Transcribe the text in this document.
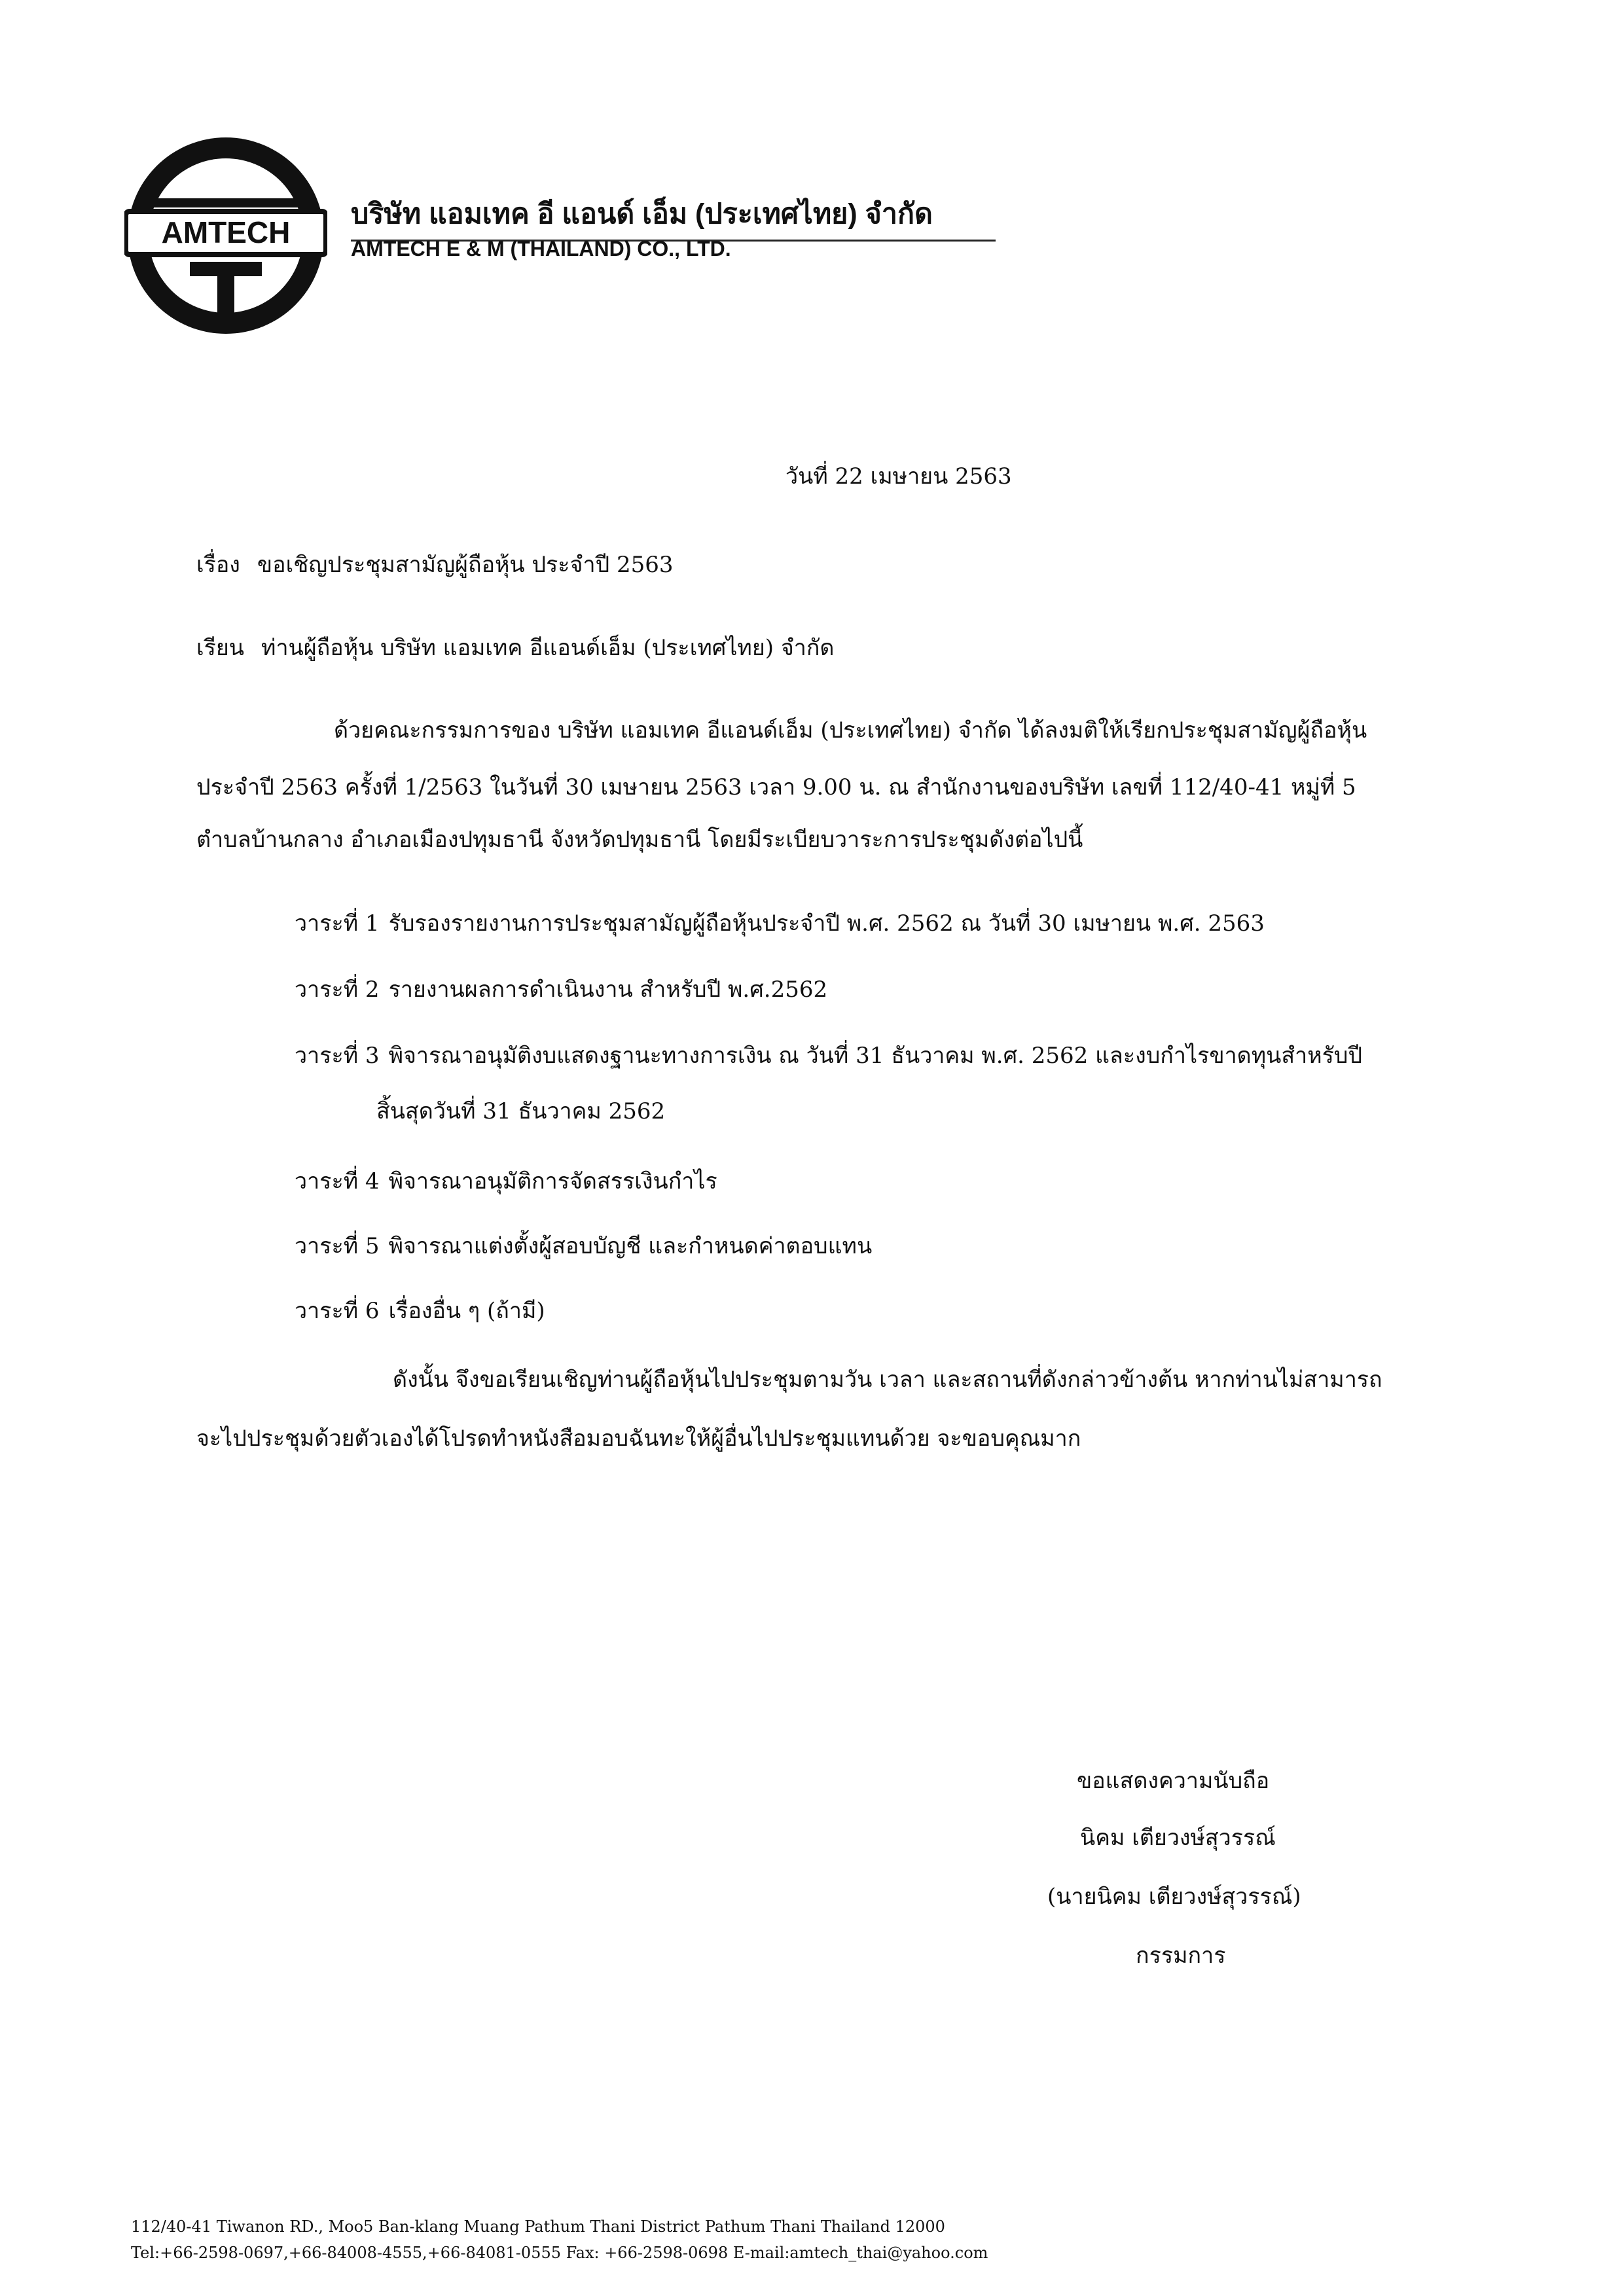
AMTECH
บริษัท แอมเทค อี แอนด์ เอ็ม (ประเทศไทย) จำกัด
AMTECH E & M (THAILAND) CO., LTD.
วันที่ 22 เมษายน 2563
เรื่อง ขอเชิญประชุมสามัญผู้ถือหุ้น ประจำปี 2563
เรียน ท่านผู้ถือหุ้น บริษัท แอมเทค อีแอนด์เอ็ม (ประเทศไทย) จำกัด
ด้วยคณะกรรมการของ บริษัท แอมเทค อีแอนด์เอ็ม (ประเทศไทย) จำกัด ได้ลงมติให้เรียกประชุมสามัญผู้ถือหุ้น
ประจำปี 2563 ครั้งที่ 1/2563 ในวันที่ 30 เมษายน 2563 เวลา 9.00 น. ณ สำนักงานของบริษัท เลขที่ 112/40-41 หมู่ที่ 5
ตำบลบ้านกลาง อำเภอเมืองปทุมธานี จังหวัดปทุมธานี โดยมีระเบียบวาระการประชุมดังต่อไปนี้
วาระที่ 1 รับรองรายงานการประชุมสามัญผู้ถือหุ้นประจำปี พ.ศ. 2562 ณ วันที่ 30 เมษายน พ.ศ. 2563
วาระที่ 2 รายงานผลการดำเนินงาน สำหรับปี พ.ศ.2562
วาระที่ 3 พิจารณาอนุมัติงบแสดงฐานะทางการเงิน ณ วันที่ 31 ธันวาคม พ.ศ. 2562 และงบกำไรขาดทุนสำหรับปี
สิ้นสุดวันที่ 31 ธันวาคม 2562
วาระที่ 4 พิจารณาอนุมัติการจัดสรรเงินกำไร
วาระที่ 5 พิจารณาแต่งตั้งผู้สอบบัญชี และกำหนดค่าตอบแทน
วาระที่ 6 เรื่องอื่น ๆ (ถ้ามี)
ดังนั้น จึงขอเรียนเชิญท่านผู้ถือหุ้นไปประชุมตามวัน เวลา และสถานที่ดังกล่าวข้างต้น หากท่านไม่สามารถ
จะไปประชุมด้วยตัวเองได้โปรดทำหนังสือมอบฉันทะให้ผู้อื่นไปประชุมแทนด้วย จะขอบคุณมาก
ขอแสดงความนับถือ
นิคม เตียวงษ์สุวรรณ์
(นายนิคม เตียวงษ์สุวรรณ์)
กรรมการ
112/40-41 Tiwanon RD., Moo5 Ban-klang Muang Pathum Thani District Pathum Thani Thailand 12000
Tel:+66-2598-0697,+66-84008-4555,+66-84081-0555 Fax: +66-2598-0698 E-mail:amtech_thai@yahoo.com
